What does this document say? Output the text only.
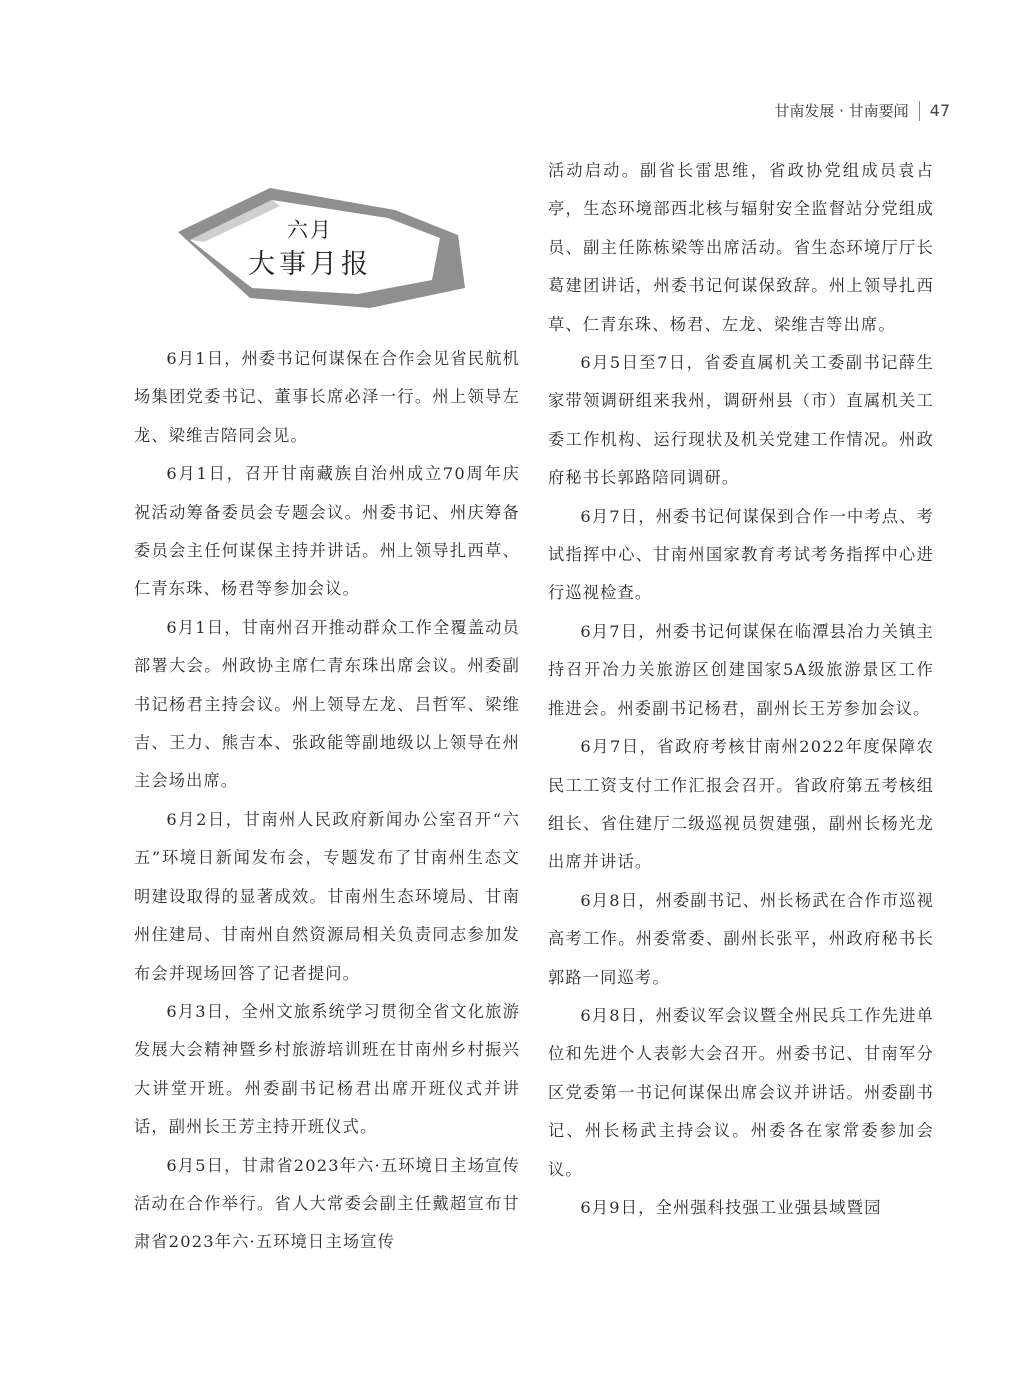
甘南发展 · 甘南要闻 47
六月
大事月报

6月1日，州委书记何谋保在合作会见省民航机场集团党委书记、董事长席必泽一行。州上领导左龙、梁维吉陪同会见。

6月1日，召开甘南藏族自治州成立70周年庆祝活动筹备委员会专题会议。州委书记、州庆筹备委员会主任何谋保主持并讲话。州上领导扎西草、仁青东珠、杨君等参加会议。

6月1日，甘南州召开推动群众工作全覆盖动员部署大会。州政协主席仁青东珠出席会议。州委副书记杨君主持会议。州上领导左龙、吕哲军、梁维吉、王力、熊吉本、张政能等副地级以上领导在州主会场出席。

6月2日，甘南州人民政府新闻办公室召开“六五”环境日新闻发布会，专题发布了甘南州生态文明建设取得的显著成效。甘南州生态环境局、甘南州住建局、甘南州自然资源局相关负责同志参加发布会并现场回答了记者提问。

6月3日，全州文旅系统学习贯彻全省文化旅游发展大会精神暨乡村旅游培训班在甘南州乡村振兴大讲堂开班。州委副书记杨君出席开班仪式并讲话，副州长王芳主持开班仪式。

6月5日，甘肃省2023年六·五环境日主场宣传活动在合作举行。省人大常委会副主任戴超宣布甘肃省2023年六·五环境日主场宣传

活动启动。副省长雷思维，省政协党组成员袁占亭，生态环境部西北核与辐射安全监督站分党组成员、副主任陈栋梁等出席活动。省生态环境厅厅长葛建团讲话，州委书记何谋保致辞。州上领导扎西草、仁青东珠、杨君、左龙、梁维吉等出席。

6月5日至7日，省委直属机关工委副书记薛生家带领调研组来我州，调研州县（市）直属机关工委工作机构、运行现状及机关党建工作情况。州政府秘书长郭路陪同调研。

6月7日，州委书记何谋保到合作一中考点、考试指挥中心、甘南州国家教育考试考务指挥中心进行巡视检查。

6月7日，州委书记何谋保在临潭县冶力关镇主持召开冶力关旅游区创建国家5A级旅游景区工作推进会。州委副书记杨君，副州长王芳参加会议。

6月7日，省政府考核甘南州2022年度保障农民工工资支付工作汇报会召开。省政府第五考核组组长、省住建厅二级巡视员贺建强，副州长杨光龙出席并讲话。

6月8日，州委副书记、州长杨武在合作市巡视高考工作。州委常委、副州长张平，州政府秘书长郭路一同巡考。

6月8日，州委议军会议暨全州民兵工作先进单位和先进个人表彰大会召开。州委书记、甘南军分区党委第一书记何谋保出席会议并讲话。州委副书记、州长杨武主持会议。州委各在家常委参加会议。

6月9日，全州强科技强工业强县域暨园
